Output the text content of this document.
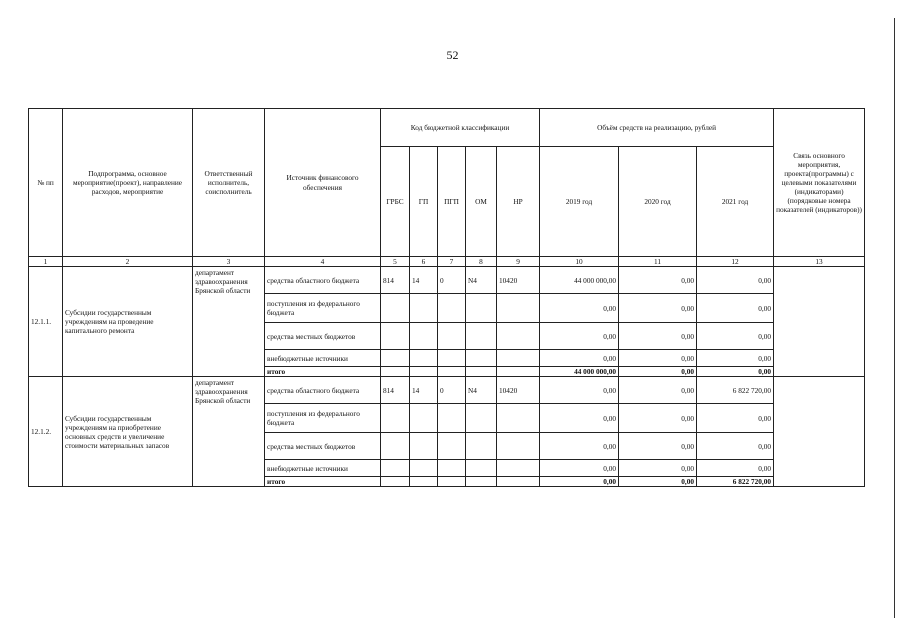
52
№ пп	Подпрограмма, основное мероприятие(проект), направление расходов, мероприятие	Ответственный исполнитель, соисполнитель	Источник финансового обеспечения	Код бюджетной классификации					Объём средств на реализацию, рублей			Связь основного мероприятия, проекта(программы) с целевыми показателями (индикаторами) (порядковые номера показателей (индикаторов))
				ГРБС	ГП	ПГП	ОМ	НР	2019 год	2020 год	2021 год	
1	2	3	4	5	6	7	8	9	10	11	12	13
12.1.1.	Субсидии государственным учреждениям на проведение капитального ремонта	департамент здравоохранения Брянской области	средства областного бюджета	814	14	0	N4	10420	44 000 000,00	0,00	0,00	
			поступления из федерального бюджета						0,00	0,00	0,00	
			средства местных бюджетов						0,00	0,00	0,00	
			внебюджетные источники						0,00	0,00	0,00	
			итого						44 000 000,00	0,00	0,00	
12.1.2.	Субсидии государственным учреждениям на приобретение основных средств и увеличение стоимости материальных запасов	департамент здравоохранения Брянской области	средства областного бюджета	814	14	0	N4	10420	0,00	0,00	6 822 720,00	
			поступления из федерального бюджета						0,00	0,00	0,00	
			средства местных бюджетов						0,00	0,00	0,00	
			внебюджетные источники						0,00	0,00	0,00	
			итого						0,00	0,00	6 822 720,00	
